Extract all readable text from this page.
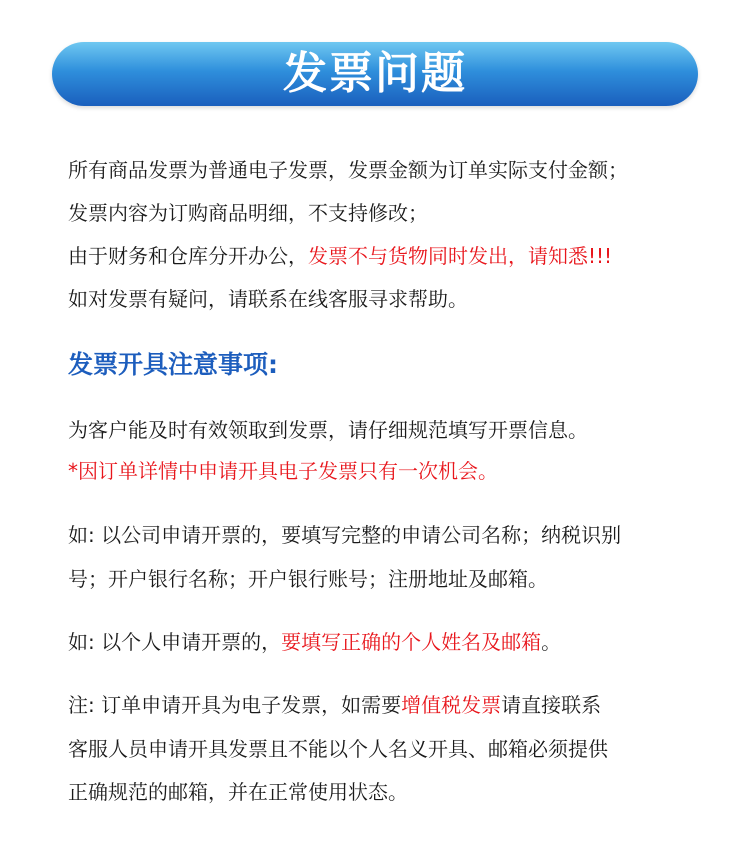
发票问题
所有商品发票为普通电子发票，发票金额为订单实际支付金额；
发票内容为订购商品明细，不支持修改；
由于财务和仓库分开办公，发票不与货物同时发出，请知悉!!!
如对发票有疑问，请联系在线客服寻求帮助。
发票开具注意事项:
为客户能及时有效领取到发票，请仔细规范填写开票信息。
*因订单详情中申请开具电子发票只有一次机会。
如: 以公司申请开票的，要填写完整的申请公司名称；纳税识别
号；开户银行名称；开户银行账号；注册地址及邮箱。
如: 以个人申请开票的，要填写正确的个人姓名及邮箱。
注: 订单申请开具为电子发票，如需要增值税发票请直接联系
客服人员申请开具发票且不能以个人名义开具、邮箱必须提供
正确规范的邮箱，并在正常使用状态。
